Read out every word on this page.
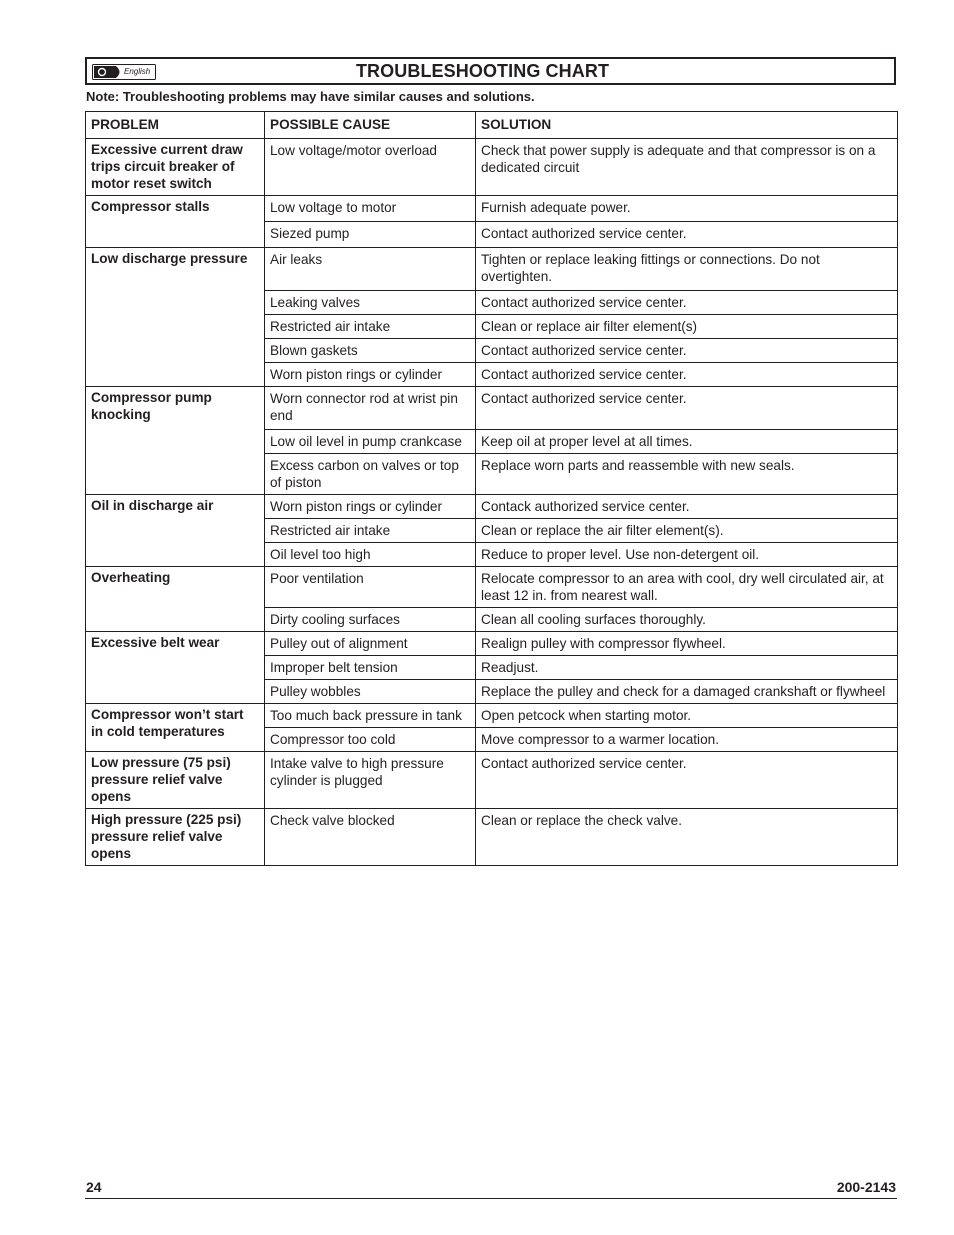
English	TROUBLESHOOTING CHART
Note: Troubleshooting problems may have similar causes and solutions.
PROBLEM	POSSIBLE CAUSE	SOLUTION
Excessive current draw trips circuit breaker of motor reset switch	Low voltage/motor overload	Check that power supply is adequate and that compressor is on a dedicated circuit
Compressor stalls	Low voltage to motor	Furnish adequate power.
	Siezed pump	Contact authorized service center.
Low discharge pressure	Air leaks	Tighten or replace leaking fittings or connections. Do not overtighten.
	Leaking valves	Contact authorized service center.
	Restricted air intake	Clean or replace air filter element(s)
	Blown gaskets	Contact authorized service center.
	Worn piston rings or cylinder	Contact authorized service center.
Compressor pump knocking	Worn connector rod at wrist pin end	Contact authorized service center.
	Low oil level in pump crankcase	Keep oil at proper level at all times.
	Excess carbon on valves or top of piston	Replace worn parts and reassemble with new seals.
Oil in discharge air	Worn piston rings or cylinder	Contack authorized service center.
	Restricted air intake	Clean or replace the air filter element(s).
	Oil level too high	Reduce to proper level. Use non-detergent oil.
Overheating	Poor ventilation	Relocate compressor to an area with cool, dry well circulated air, at least 12 in. from nearest wall.
	Dirty cooling surfaces	Clean all cooling surfaces thoroughly.
Excessive belt wear	Pulley out of alignment	Realign pulley with compressor flywheel.
	Improper belt tension	Readjust.
	Pulley wobbles	Replace the pulley and check for a damaged crankshaft or flywheel
Compressor won’t start in cold temperatures	Too much back pressure in tank	Open petcock when starting motor.
	Compressor too cold	Move compressor to a warmer location.
Low pressure (75 psi) pressure relief valve opens	Intake valve to high pressure cylinder is plugged	Contact authorized service center.
High pressure (225 psi) pressure relief valve opens	Check valve blocked	Clean or replace the check valve.
24	200-2143
